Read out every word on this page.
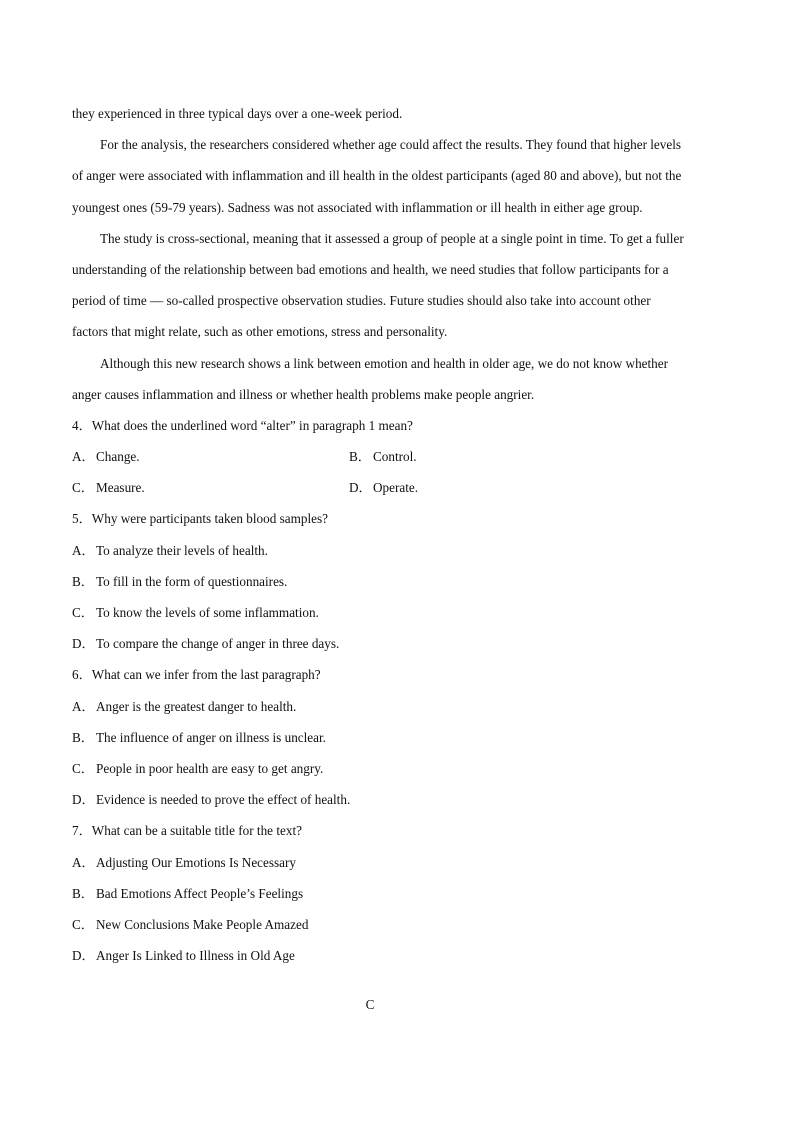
they experienced in three typical days over a one-week period.
For the analysis, the researchers considered whether age could affect the results. They found that higher levels
of anger were associated with inflammation and ill health in the oldest participants (aged 80 and above), but not the
youngest ones (59-79 years). Sadness was not associated with inflammation or ill health in either age group.
The study is cross-sectional, meaning that it assessed a group of people at a single point in time. To get a fuller
understanding of the relationship between bad emotions and health, we need studies that follow participants for a
period of time — so-called prospective observation studies. Future studies should also take into account other
factors that might relate, such as other emotions, stress and personality.
Although this new research shows a link between emotion and health in older age, we do not know whether
anger causes inflammation and illness or whether health problems make people angrier.
4．What does the underlined word “alter” in paragraph 1 mean?
A．Change.	B． Control.
C． Measure.	D．Operate.
5．Why were participants taken blood samples?
A．To analyze their levels of health.
B． To fill in the form of questionnaires.
C． To know the levels of some inflammation.
D．To compare the change of anger in three days.
6．What can we infer from the last paragraph?
A．Anger is the greatest danger to health.
B． The influence of anger on illness is unclear.
C． People in poor health are easy to get angry.
D．Evidence is needed to prove the effect of health.
7．What can be a suitable title for the text?
A．Adjusting Our Emotions Is Necessary
B． Bad Emotions Affect People’s Feelings
C． New Conclusions Make People Amazed
D．Anger Is Linked to Illness in Old Age
C
